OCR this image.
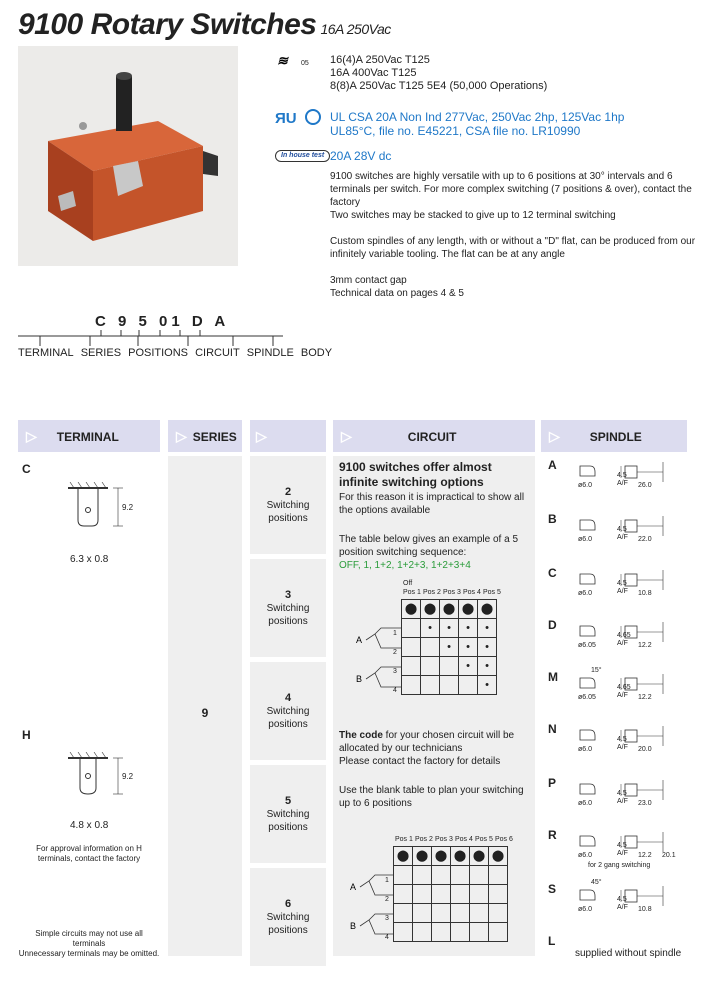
9100 Rotary Switches 16A 250Vac
≋ 05 16(4)A 250Vac T125
16A 400Vac T125
8(8)A 250Vac T125 5E4 (50,000 Operations)
ЯU	UL CSA 20A Non Ind 277Vac, 250Vac 2hp, 125Vac 1hp
UL85°C, file no. E45221, CSA file no. LR10990
In house test 20A 28V dc
9100 switches are highly versatile with up to 6 positions at 30° intervals and 6 terminals per switch. For more complex switching (7 positions & over), contact the factory
Two switches may be stacked to give up to 12 terminal switching
Custom spindles of any length, with or without a "D" flat, can be produced from our infinitely variable tooling. The flat can be at any angle
3mm contact gap
Technical data on pages 4 & 5
C 9 5 01 D A
TERMINAL SERIES POSITIONS CIRCUIT SPINDLE BODY
▷ TERMINAL	▷ SERIES	▷	▷	CIRCUIT	▷	SPINDLE
C
9.2
6.3 x 0.8
H
9.2
4.8 x 0.8
For approval information on H terminals, contact the factory
Simple circuits may not use all terminals
Unnecessary terminals may be omitted.
9
2
Switching
positions
3
Switching
positions
4
Switching
positions
5
Switching
positions
6
Switching
positions
9100 switches offer almost infinite switching options
For this reason it is impractical to show all the options available
The table below gives an example of a 5 position switching sequence:
OFF, 1, 1+2, 1+2+3, 1+2+3+4
Off
Pos 1 Pos 2 Pos 3 Pos 4 Pos 5
⬤	⬤	⬤	⬤	⬤
	•	•	•	•
		•	•	•
			•	•
				•
A
B
1
2
3
4
The code for your chosen circuit will be allocated by our technicians
Please contact the factory for details
Use the blank table to plan your switching up to 6 positions
Pos 1 Pos 2 Pos 3 Pos 4 Pos 5 Pos 6
⬤	⬤	⬤	⬤	⬤	⬤

A
B
1
2
3
4
A
ø6.0
4.5
A/F 26.0
B
ø6.0
4.5
A/F 22.0
C
ø6.0
4.5
A/F 10.8
D
ø6.05
4.65
A/F 12.2
M
ø6.05
4.65
A/F 12.2
15°
N
ø6.0
4.5
A/F 20.0
P
ø6.0
4.5
A/F 23.0
R
ø6.0
4.5
A/F 12.2 20.1
for 2 gang switching
S
ø6.0
4.5
A/F 10.8
45°
L
supplied without spindle
